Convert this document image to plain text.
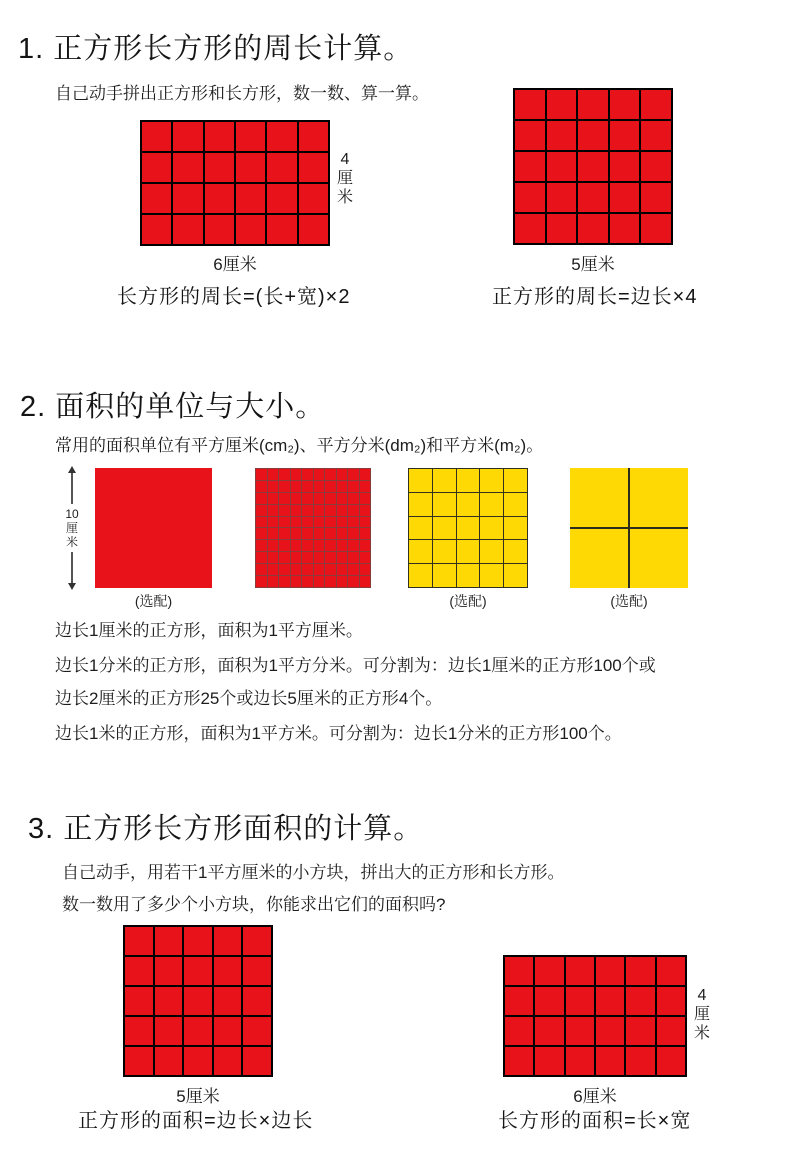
1. 正方形长方形的周长计算。
自己动手拼出正方形和长方形，数一数、算一算。
4
厘
米
6厘米
长方形的周长=(长+宽)×2
5厘米
正方形的周长=边长×4
2. 面积的单位与大小。
常用的面积单位有平方厘米(cm₂)、平方分米(dm₂)和平方米(m₂)。
10
厘
米
(选配)	(选配)	(选配)
边长1厘米的正方形，面积为1平方厘米。
边长1分米的正方形，面积为1平方分米。可分割为：边长1厘米的正方形100个或
边长2厘米的正方形25个或边长5厘米的正方形4个。
边长1米的正方形，面积为1平方米。可分割为：边长1分米的正方形100个。
3. 正方形长方形面积的计算。
自己动手，用若干1平方厘米的小方块，拼出大的正方形和长方形。
数一数用了多少个小方块，你能求出它们的面积吗?
5厘米
正方形的面积=边长×边长
4
厘
米
6厘米
长方形的面积=长×宽
